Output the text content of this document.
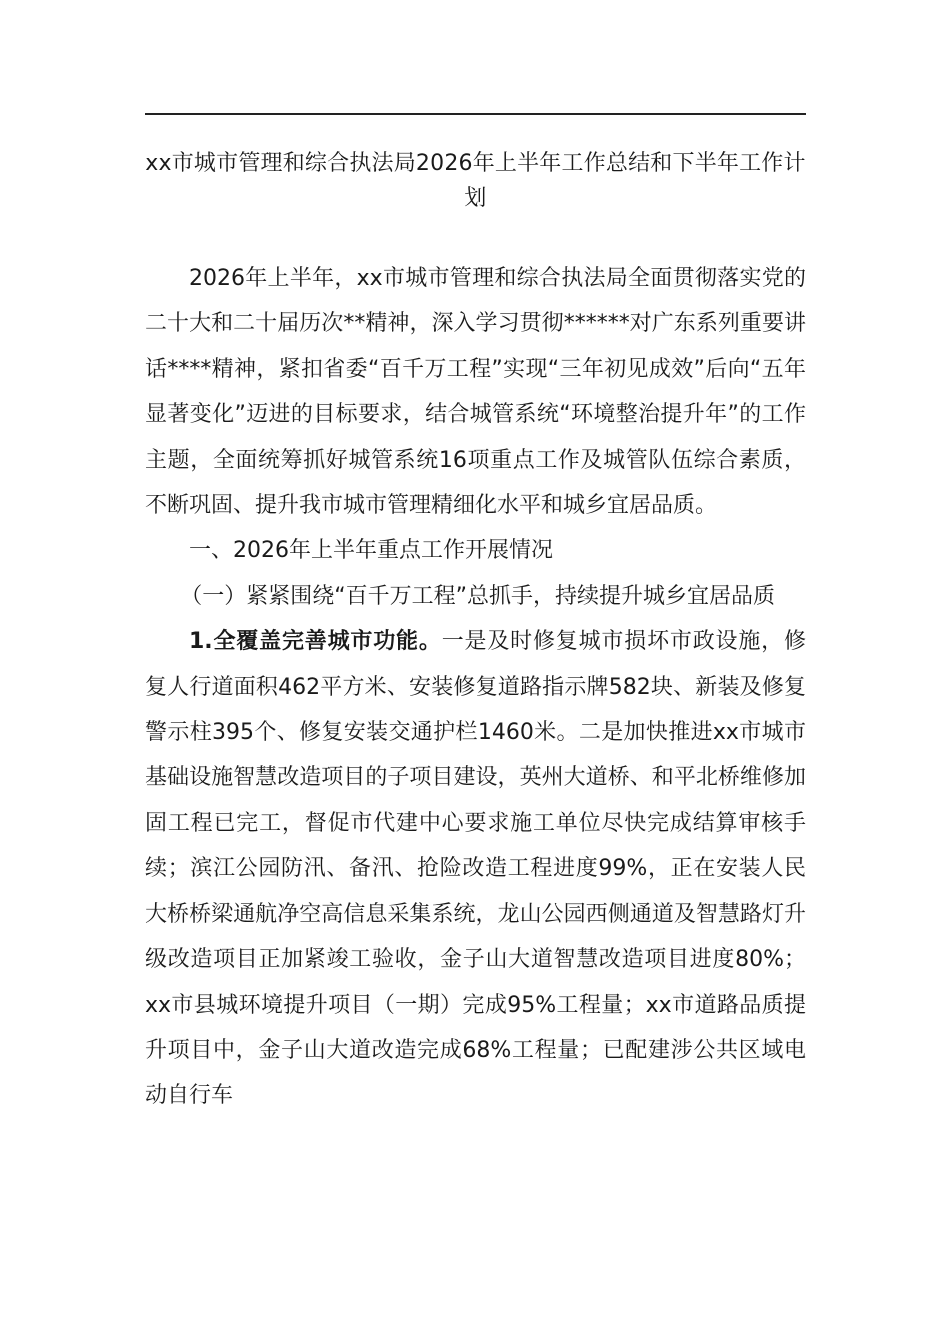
xx市城市管理和综合执法局2026年上半年工作总结和下半年工作计划

2026年上半年，xx市城市管理和综合执法局全面贯彻落实党的二十大和二十届历次**精神，深入学习贯彻******对广东系列重要讲话****精神，紧扣省委“百千万工程”实现“三年初见成效”后向“五年显著变化”迈进的目标要求，结合城管系统“环境整治提升年”的工作主题，全面统筹抓好城管系统16项重点工作及城管队伍综合素质，不断巩固、提升我市城市管理精细化水平和城乡宜居品质。

一、2026年上半年重点工作开展情况

（一）紧紧围绕“百千万工程”总抓手，持续提升城乡宜居品质

1.全覆盖完善城市功能。一是及时修复城市损坏市政设施，修复人行道面积462平方米、安装修复道路指示牌582块、新装及修复警示柱395个、修复安装交通护栏1460米。二是加快推进xx市城市基础设施智慧改造项目的子项目建设，英州大道桥、和平北桥维修加固工程已完工，督促市代建中心要求施工单位尽快完成结算审核手续；滨江公园防汛、备汛、抢险改造工程进度99%，正在安装人民大桥桥梁通航净空高信息采集系统，龙山公园西侧通道及智慧路灯升级改造项目正加紧竣工验收，金子山大道智慧改造项目进度80%；xx市县城环境提升项目（一期）完成95%工程量；xx市道路品质提升项目中，金子山大道改造完成68%工程量；已配建涉公共区域电动自行车
